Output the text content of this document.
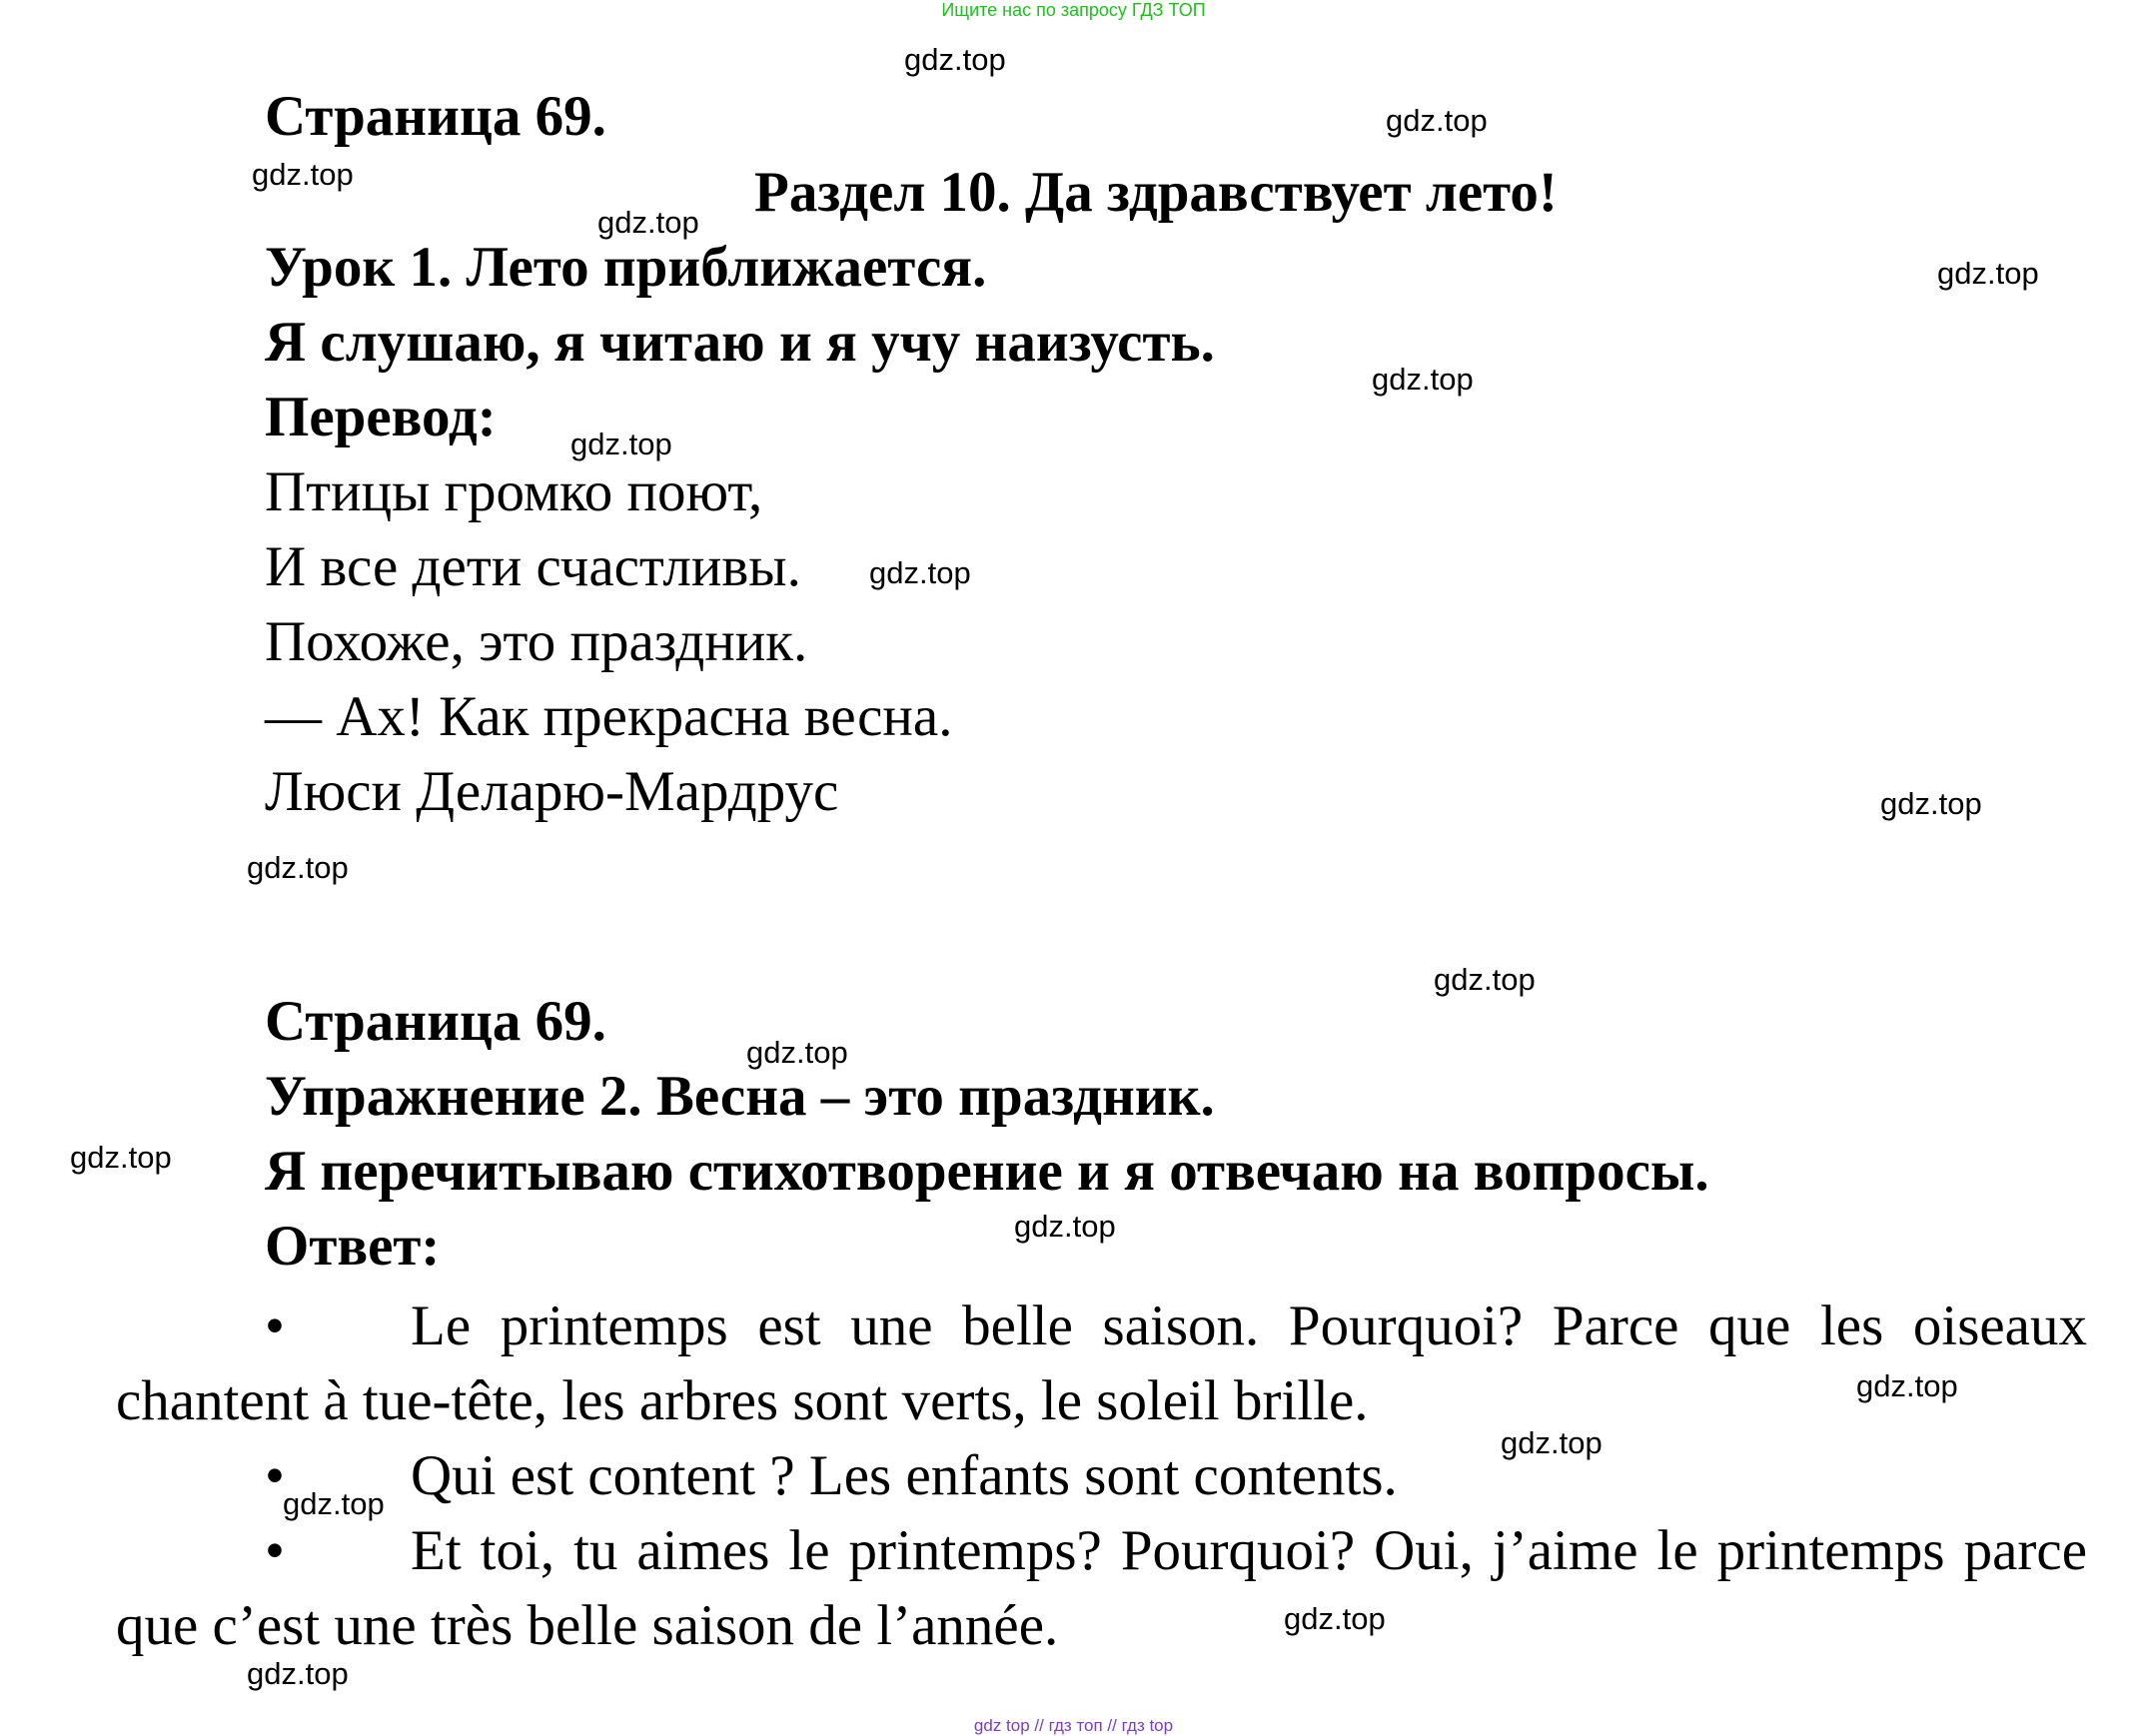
Ищите нас по запросу ГДЗ ТОП
Страница 69.
Раздел 10. Да здравствует лето!
Урок 1. Лето приближается.
Я слушаю, я читаю и я учу наизусть.
Перевод:
Птицы громко поют,
И все дети счастливы.
Похоже, это праздник.
— Ах! Как прекрасна весна.
Люси Деларю-Мардрус
Страница 69.
Упражнение 2. Весна – это праздник.
Я перечитываю стихотворение и я отвечаю на вопросы.
Ответ:
•	Le printemps est une belle saison. Pourquoi? Parce que les oiseaux
chantent à tue-tête, les arbres sont verts, le soleil brille.
•	Qui est content ? Les enfants sont contents.
•	Et toi, tu aimes le printemps? Pourquoi? Oui, j’aime le printemps parce
que c’est une très belle saison de l’année.
gdz.top
gdz.top
gdz.top
gdz.top
gdz.top
gdz.top
gdz.top
gdz.top
gdz.top
gdz.top
gdz.top
gdz.top
gdz.top
gdz.top
gdz.top
gdz.top
gdz.top
gdz.top
gdz.top
gdz top // гдз топ // гдз top
